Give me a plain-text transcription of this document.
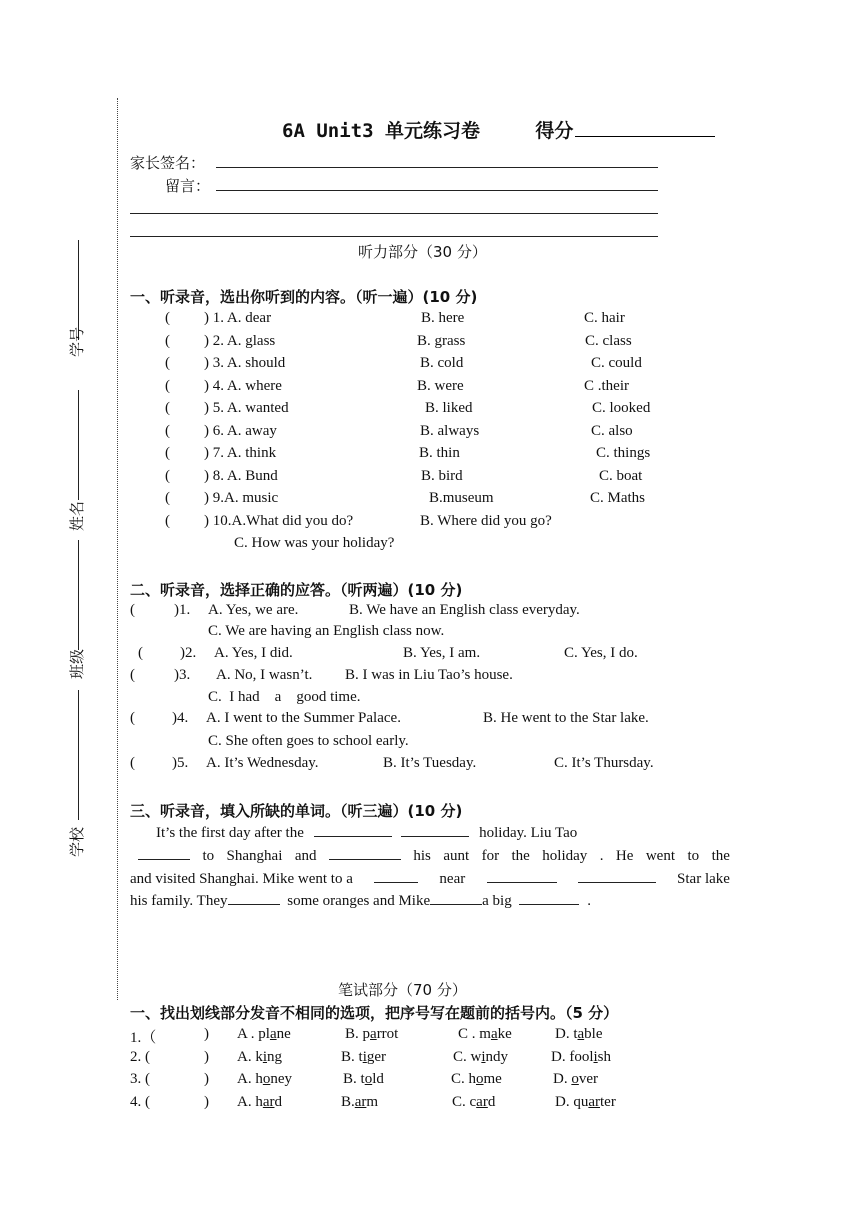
学号
姓名
班级
学校
6A Unit3 单元练习卷	得分
家长签名：
留言：
听力部分（30 分）
一、听录音，选出你听到的内容。（听一遍）(10 分)
( ) 1. A. dear	B. here	C. hair
( ) 2. A. glass	B. grass	C. class
( ) 3. A. should	B. cold	C. could
( ) 4. A. where	B. were	C .their
( ) 5. A. wanted	B. liked	C. looked
( ) 6. A. away	B. always	C. also
( ) 7. A. think	B. thin	C. things
( ) 8. A. Bund	B. bird	C. boat
( ) 9.A. music	B.museum	C. Maths
( ) 10.A.What did you do?	B. Where did you go?
C. How was your holiday?
二、听录音，选择正确的应答。（听两遍）(10 分)
(	)1. A. Yes, we are.	B. We have an English class everyday.
C. We are having an English class now.
( )2. A. Yes, I did.	B. Yes, I am.	C. Yes, I do.
(	)3. A. No, I wasn’t. B. I was in Liu Tao’s house.
C.  I had    a    good time.
( )4. A. I went to the Summer Palace.	B. He went to the Star lake.
C. She often goes to school early.
( )5. A. It’s Wednesday.	B. It’s Tuesday.	C. It’s Thursday.
三、听录音，填入所缺的单词。（听三遍）(10 分)
It’s the first day after the	holiday. Liu Tao
to Shanghai and	his aunt for the holiday . He went to the
and visited Shanghai. Mike went to a	near	Star lake
his family. They	some oranges and Mike	a big	.
笔试部分（70 分）
一、找出划线部分发音不相同的选项，把序号写在题前的括号内。（5 分）
1.（	) A . plane	B. parrot	C . make	D. table
2. (	) A. king	B. tiger	C. windy	D. foolish
3. (	) A. honey	B. told	C. home	D. over
4. (	) A. hard	B.arm	C. card	D. quarter
